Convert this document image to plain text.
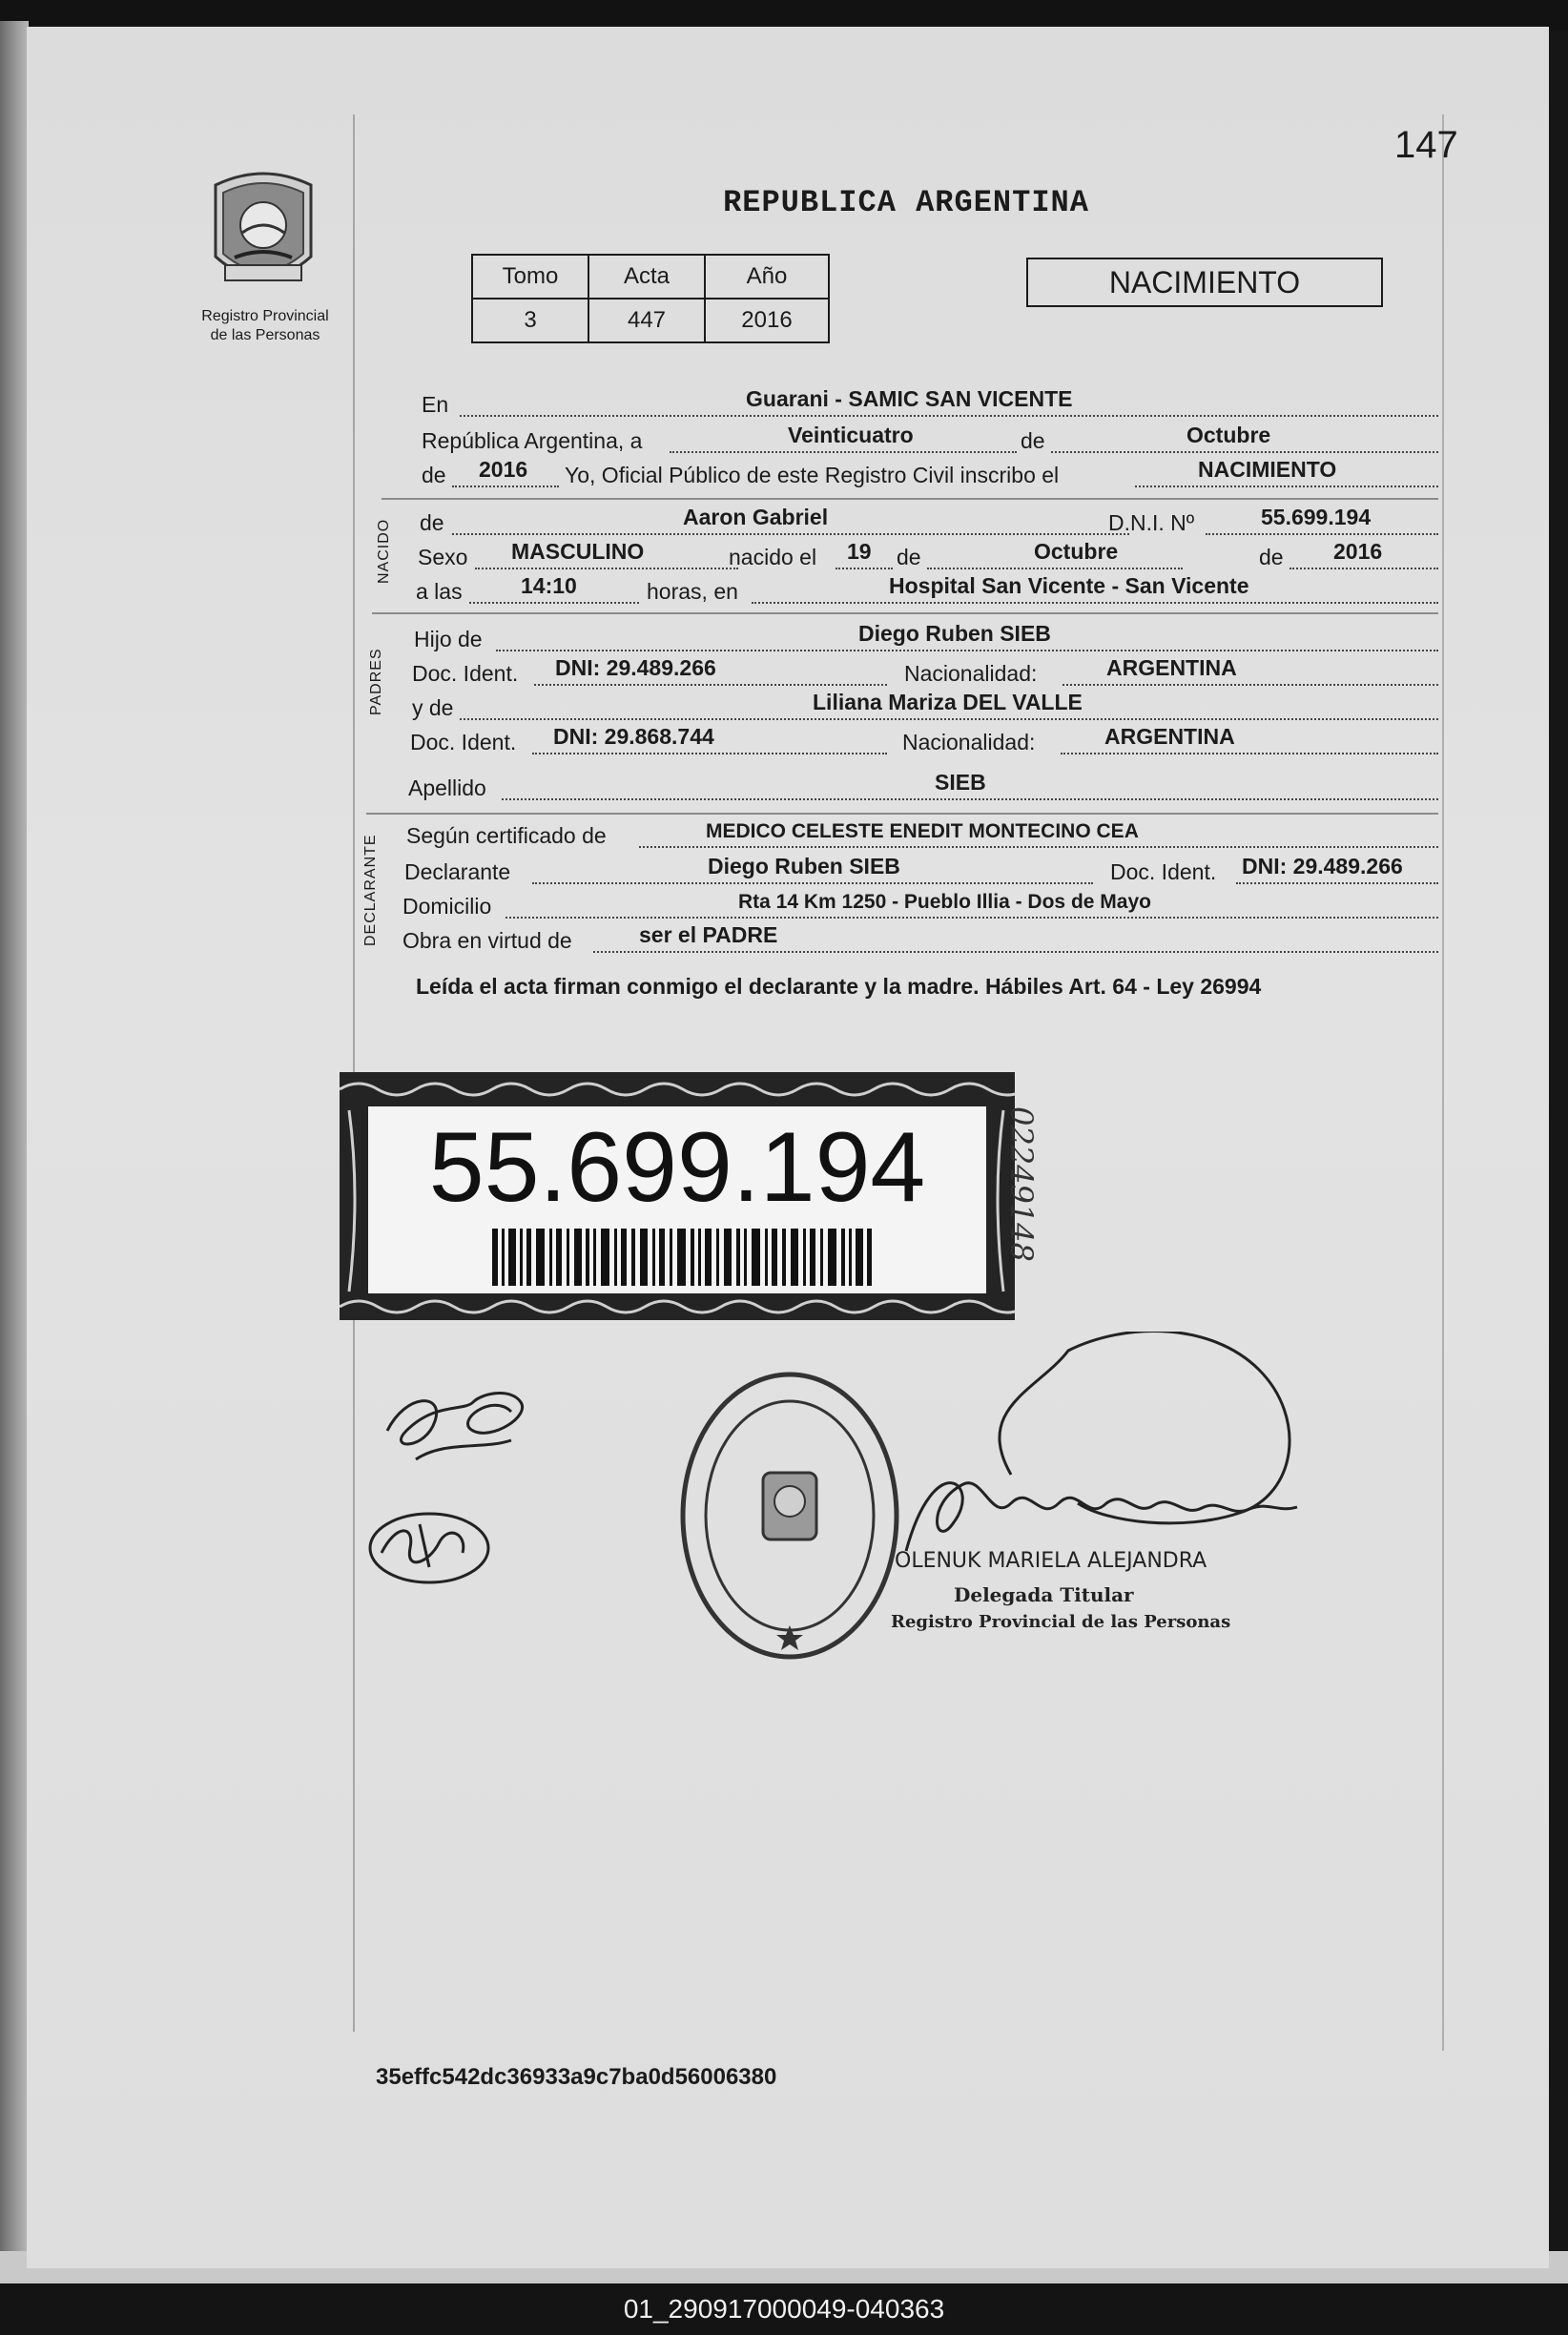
147
Registro Provincial
de las Personas
REPUBLICA ARGENTINA
Tomo	Acta	Año
3	447	2016
NACIMIENTO
NACIDO
PADRES
DECLARANTE
En	Guarani - SAMIC SAN VICENTE
República Argentina, a	Veinticuatro	de	Octubre
de 2016 Yo, Oficial Público de este Registro Civil inscribo el	NACIMIENTO
de	Aaron Gabriel	D.N.I. Nº	55.699.194
Sexo MASCULINO	nacido el 19 de	Octubre	de 2016
a las	14:10	horas, en	Hospital San Vicente - San Vicente
Hijo de	Diego Ruben SIEB
Doc. Ident. DNI: 29.489.266	Nacionalidad:	ARGENTINA
y de	Liliana Mariza DEL VALLE
Doc. Ident. DNI: 29.868.744	Nacionalidad:	ARGENTINA
Apellido	SIEB
Según certificado de	MEDICO CELESTE ENEDIT MONTECINO CEA
Declarante	Diego Ruben SIEB	Doc. Ident. DNI: 29.489.266
Domicilio	Rta 14 Km 1250 - Pueblo Illia - Dos de Mayo
Obra en virtud de	ser el PADRE
Leída el acta firman conmigo el declarante y la madre. Hábiles Art. 64 - Ley 26994
55.699.194	02249148
OLENUK MARIELA ALEJANDRA
Delegada Titular
Registro Provincial de las Personas
35effc542dc36933a9c7ba0d56006380
01_290917000049-040363
